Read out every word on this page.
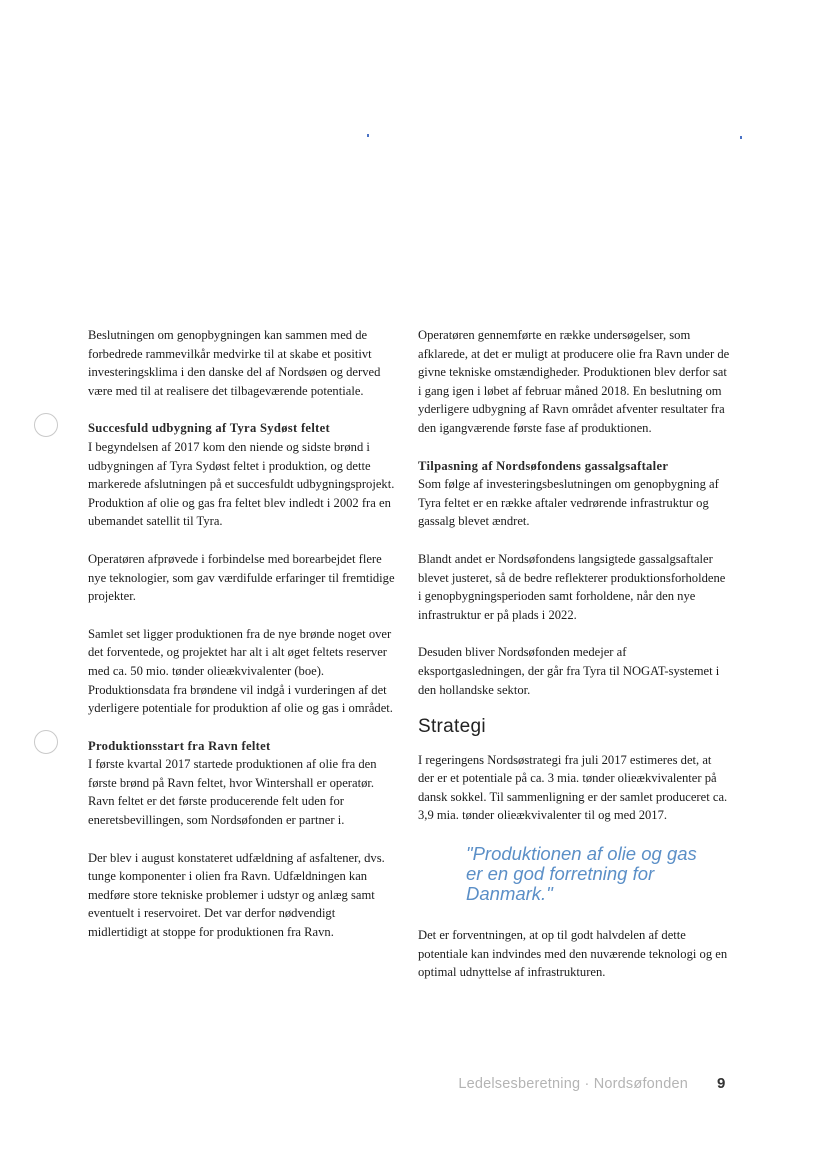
Beslutningen om genopbygningen kan sammen med de forbedrede rammevilkår medvirke til at skabe et positivt investeringsklima i den danske del af Nordsøen og derved være med til at realisere det tilbageværende potentiale.

Succesfuld udbygning af Tyra Sydøst feltet

I begyndelsen af 2017 kom den niende og sidste brønd i udbygningen af Tyra Sydøst feltet i produktion, og dette markerede afslutningen på et succesfuldt udbygningsprojekt. Produktion af olie og gas fra feltet blev indledt i 2002 fra en ubemandet satellit til Tyra.

Operatøren afprøvede i forbindelse med borearbejdet flere nye teknologier, som gav værdifulde erfaringer til fremtidige projekter.

Samlet set ligger produktionen fra de nye brønde noget over det forventede, og projektet har alt i alt øget feltets reserver med ca. 50 mio. tønder olieækvivalenter (boe). Produktionsdata fra brøndene vil indgå i vurderingen af det yderligere potentiale for produktion af olie og gas i området.

Produktionsstart fra Ravn feltet

I første kvartal 2017 startede produktionen af olie fra den første brønd på Ravn feltet, hvor Wintershall er operatør. Ravn feltet er det første producerende felt uden for eneretsbevillingen, som Nordsøfonden er partner i.

Der blev i august konstateret udfældning af asfaltener, dvs. tunge komponenter i olien fra Ravn. Udfældningen kan medføre store tekniske problemer i udstyr og anlæg samt eventuelt i reservoiret. Det var derfor nødvendigt midlertidigt at stoppe for produktionen fra Ravn.

Operatøren gennemførte en række undersøgelser, som afklarede, at det er muligt at producere olie fra Ravn under de givne tekniske omstændigheder. Produktionen blev derfor sat i gang igen i løbet af februar måned 2018. En beslutning om yderligere udbygning af Ravn området afventer resultater fra den igangværende første fase af produktionen.

Tilpasning af Nordsøfondens gassalgsaftaler

Som følge af investeringsbeslutningen om genopbygning af Tyra feltet er en række aftaler vedrørende infrastruktur og gassalg blevet ændret.

Blandt andet er Nordsøfondens langsigtede gassalgsaftaler blevet justeret, så de bedre reflekterer produktionsforholdene i genopbygningsperioden samt forholdene, når den nye infrastruktur er på plads i 2022.

Desuden bliver Nordsøfonden medejer af eksportgasledningen, der går fra Tyra til NOGAT-systemet i den hollandske sektor.

Strategi

I regeringens Nordsøstrategi fra juli 2017 estimeres det, at der er et potentiale på ca. 3 mia. tønder olieækvivalenter på dansk sokkel. Til sammenligning er der samlet produceret ca. 3,9 mia. tønder olieækvivalenter til og med 2017.

"Produktionen af olie og gas er en god forretning for Danmark."

Det er forventningen, at op til godt halvdelen af dette potentiale kan indvindes med den nuværende teknologi og en optimal udnyttelse af infrastrukturen.

Ledelsesberetning · Nordsøfonden 9
